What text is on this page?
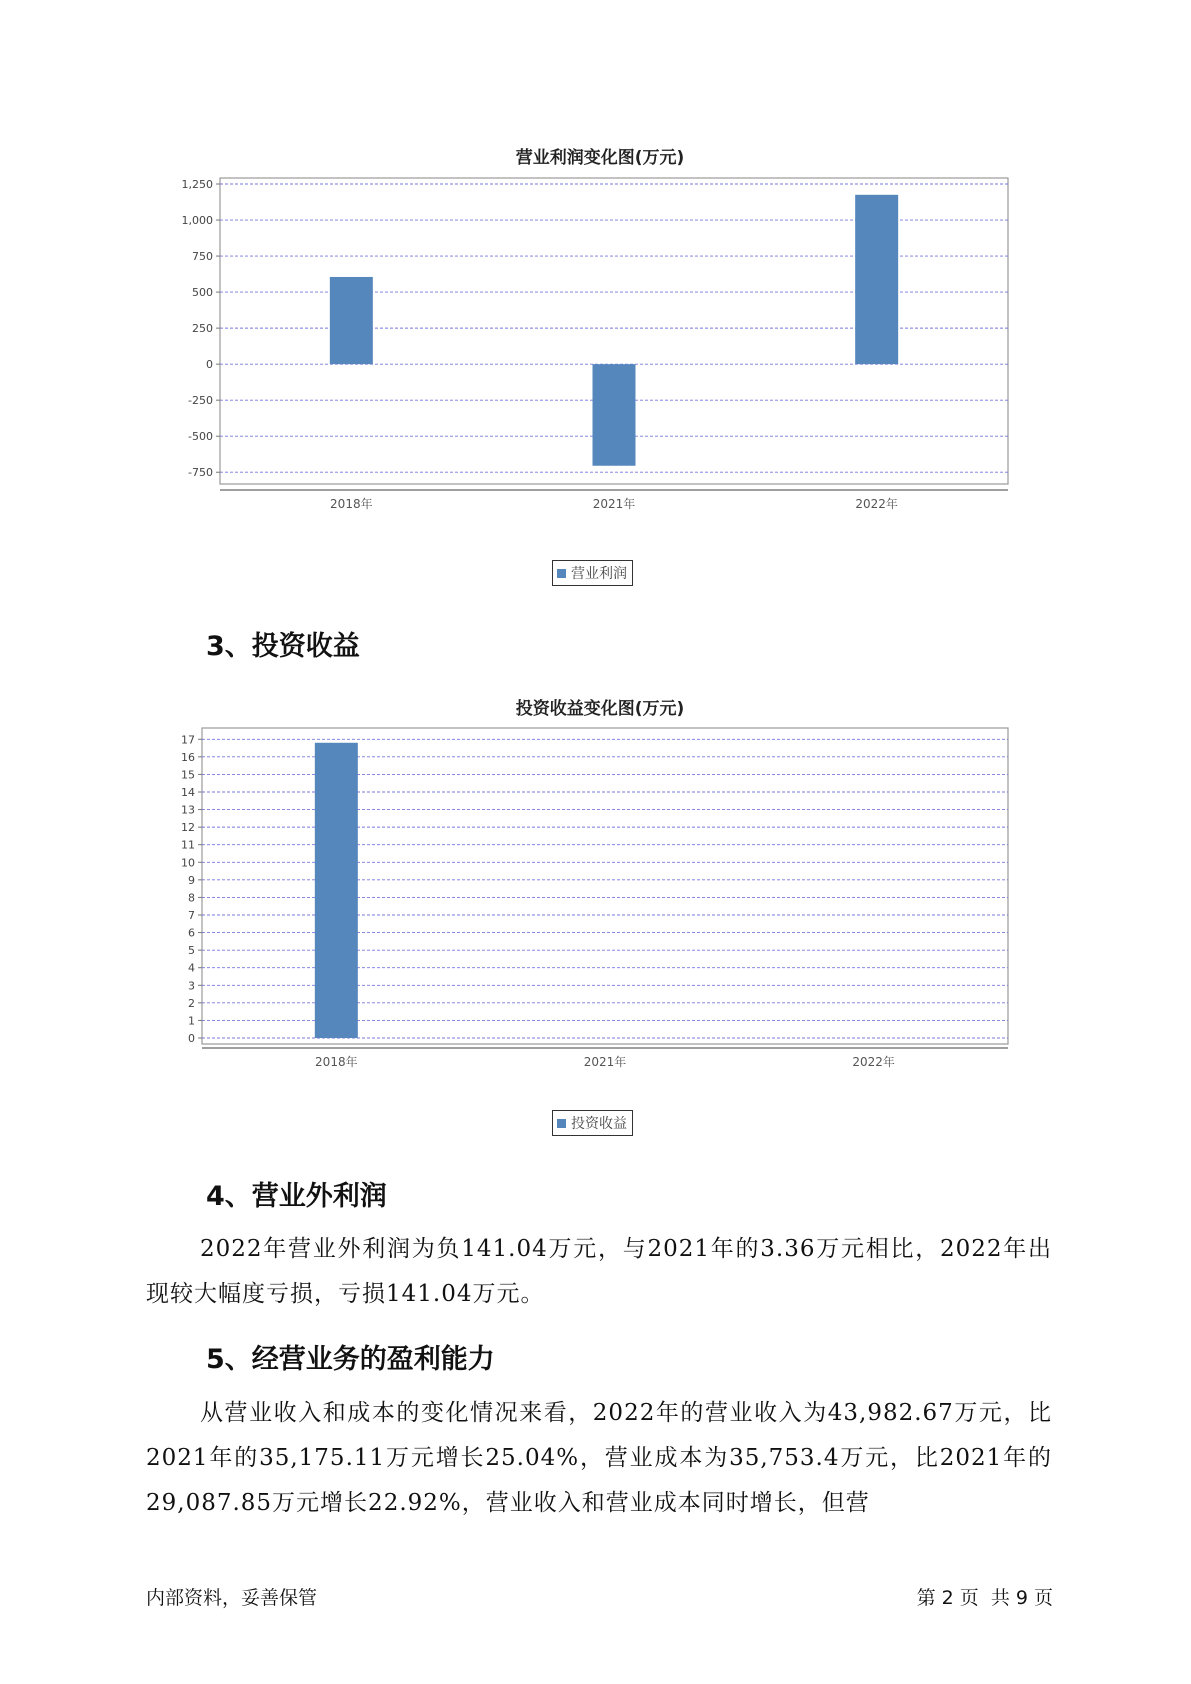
营业利润变化图(万元)
-750
-500
-250
0
250
500
750
1,000
1,250
2018年	2021年	2022年
营业利润
3、投资收益
投资收益变化图(万元)
0
1
2
3
4
5
6
7
8
9
10
11
12
13
14
15
16
17
2018年	2021年	2022年
投资收益
4、营业外利润
2022年营业外利润为负141.04万元，与2021年的3.36万元相比，2022年出现较大幅度亏损，亏损141.04万元。
5、经营业务的盈利能力
从营业收入和成本的变化情况来看，2022年的营业收入为43,982.67万元，比2021年的35,175.11万元增长25.04%，营业成本为35,753.4万元，比2021年的29,087.85万元增长22.92%，营业收入和营业成本同时增长，但营
内部资料，妥善保管	第 2 页  共 9 页
